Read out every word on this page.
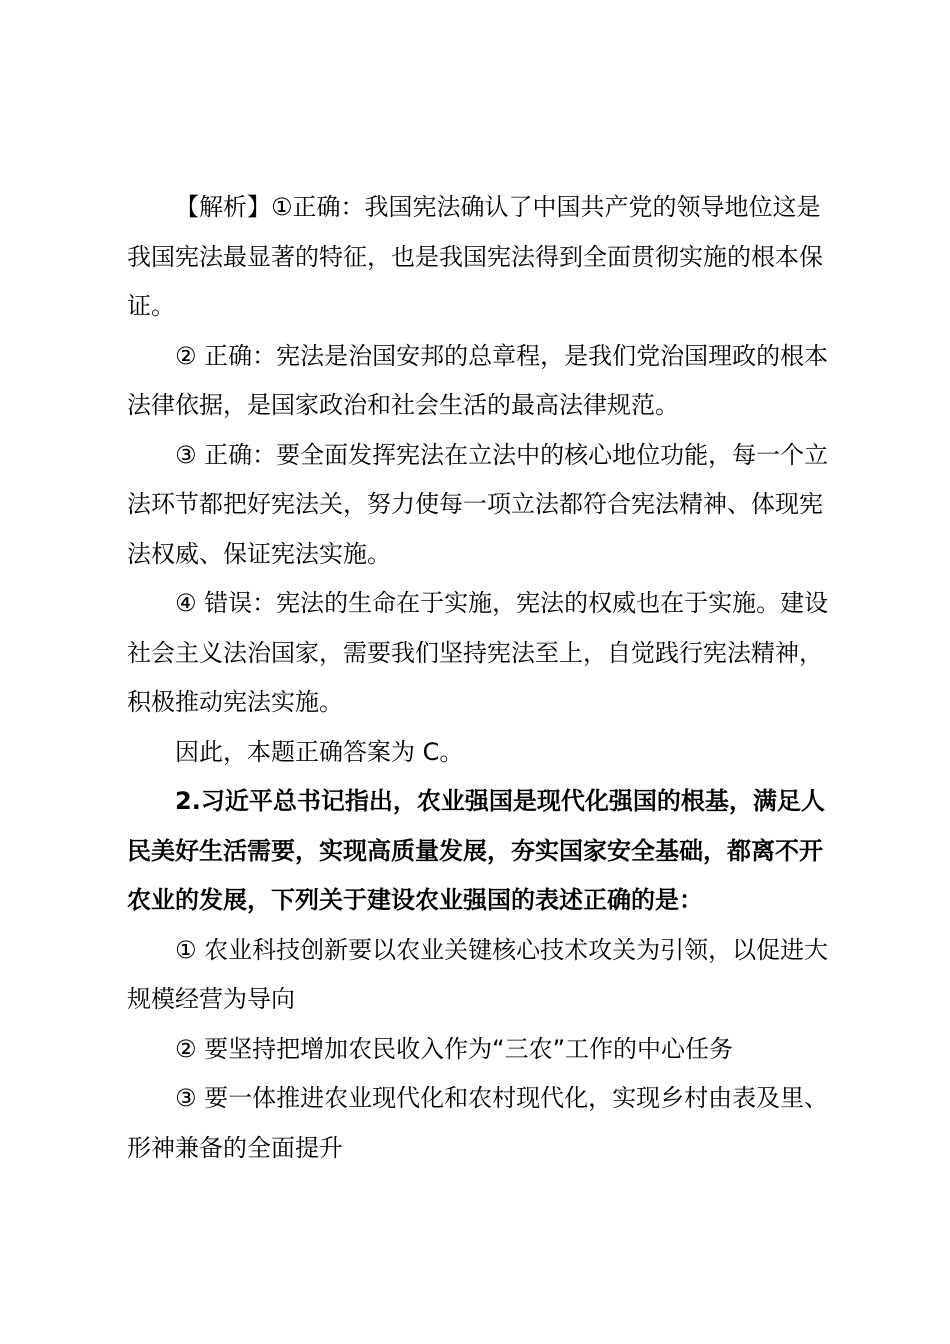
【解析】①正确：我国宪法确认了中国共产党的领导地位这是我国宪法最显著的特征，也是我国宪法得到全面贯彻实施的根本保证。

② 正确：宪法是治国安邦的总章程，是我们党治国理政的根本法律依据，是国家政治和社会生活的最高法律规范。

③ 正确：要全面发挥宪法在立法中的核心地位功能，每一个立法环节都把好宪法关，努力使每一项立法都符合宪法精神、体现宪法权威、保证宪法实施。

④ 错误：宪法的生命在于实施，宪法的权威也在于实施。建设社会主义法治国家，需要我们坚持宪法至上，自觉践行宪法精神，积极推动宪法实施。

因此，本题正确答案为 C。

2.习近平总书记指出，农业强国是现代化强国的根基，满足人民美好生活需要，实现高质量发展，夯实国家安全基础，都离不开农业的发展，下列关于建设农业强国的表述正确的是：

① 农业科技创新要以农业关键核心技术攻关为引领，以促进大规模经营为导向

② 要坚持把增加农民收入作为“三农”工作的中心任务

③ 要一体推进农业现代化和农村现代化，实现乡村由表及里、形神兼备的全面提升
